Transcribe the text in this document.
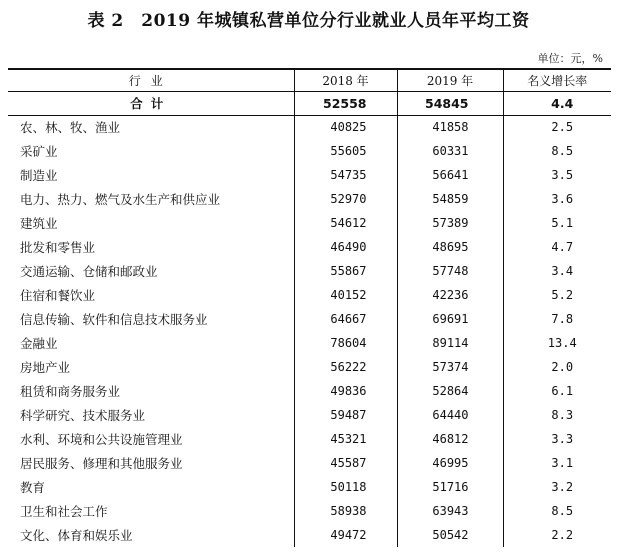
表 2　2019 年城镇私营单位分行业就业人员年平均工资
单位：元，%
行业	2018 年	2019 年	名义增长率
合计	52558	54845	4.4
农、林、牧、渔业	40825	41858	2.5
采矿业	55605	60331	8.5
制造业	54735	56641	3.5
电力、热力、燃气及水生产和供应业	52970	54859	3.6
建筑业	54612	57389	5.1
批发和零售业	46490	48695	4.7
交通运输、仓储和邮政业	55867	57748	3.4
住宿和餐饮业	40152	42236	5.2
信息传输、软件和信息技术服务业	64667	69691	7.8
金融业	78604	89114	13.4
房地产业	56222	57374	2.0
租赁和商务服务业	49836	52864	6.1
科学研究、技术服务业	59487	64440	8.3
水利、环境和公共设施管理业	45321	46812	3.3
居民服务、修理和其他服务业	45587	46995	3.1
教育	50118	51716	3.2
卫生和社会工作	58938	63943	8.5
文化、体育和娱乐业	49472	50542	2.2
